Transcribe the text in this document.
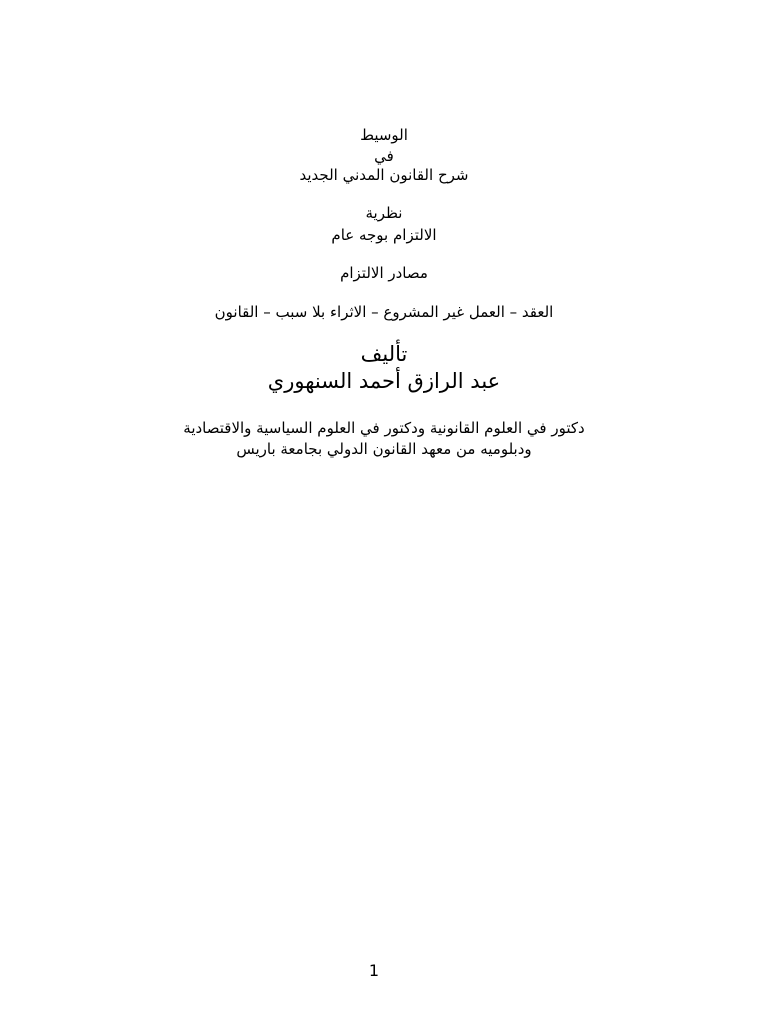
الوسيط
في
شرح القانون المدني الجديد
نظرية
الالتزام بوجه عام
مصادر الالتزام
العقد – العمل غير المشروع – الاثراء بلا سبب – القانون
تأليف
عبد الرازق أحمد السنهوري
دكتور في العلوم القانونية ودكتور في العلوم السياسية والاقتصادية
ودبلوميه من معهد القانون الدولي بجامعة باريس
1
